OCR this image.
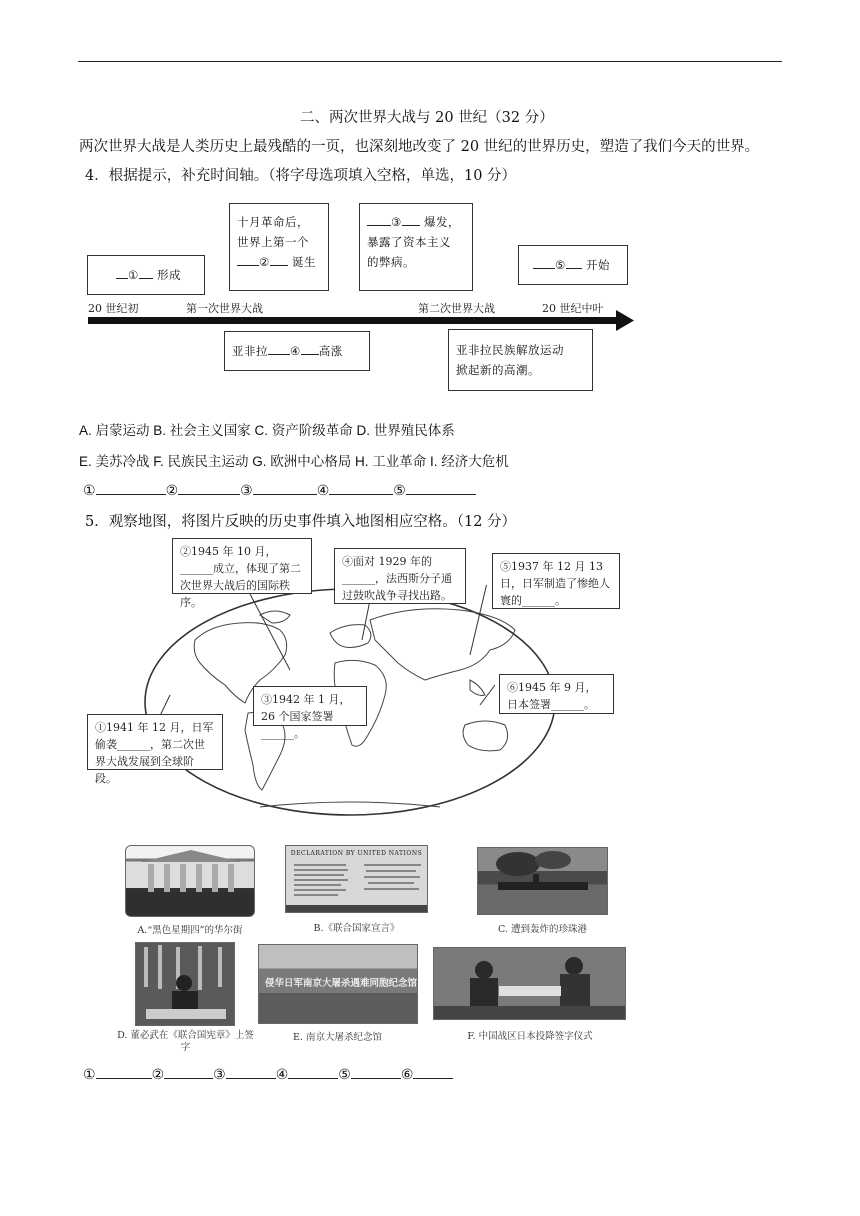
二、两次世界大战与 20 世纪（32 分）
两次世界大战是人类历史上最残酷的一页，也深刻地改变了 20 世纪的世界历史，塑造了我们今天的世界。
4．根据提示，补充时间轴。（将字母选项填入空格，单选，10 分）
① 形成
十月革命后，
世界上第一个
② 诞生
③ 爆发，
暴露了资本主义
的弊病。	⑤ 开始
20 世纪初	第一次世界大战	第二次世界大战	20 世纪中叶
亚非拉 ④ 高涨	亚非拉民族解放运动
掀起新的高潮。
A. 启蒙运动 B. 社会主义国家 C. 资产阶级革命 D. 世界殖民体系
E. 美苏冷战 F. 民族民主运动 G. 欧洲中心格局 H. 工业革命 I. 经济大危机
①	②	③	④	⑤
5．观察地图，将图片反映的历史事件填入地图相应空格。（12 分）
②1945 年 10 月，______成立，体现了第二次世界大战后的国际秩序。
④面对 1929 年的______，法西斯分子通过鼓吹战争寻找出路。
⑤1937 年 12 月 13 日，日军制造了惨绝人寰的______。
③1942 年 1 月，26 个国家签署______。
⑥1945 年 9 月，日本签署______。
①1941 年 12 月，日军偷袭______，第二次世界大战发展到全球阶段。
A.“黑色星期四”的华尔街
DECLARATION BY UNITED NATIONS
B.《联合国家宣言》	C. 遭到轰炸的珍珠港
D. 董必武在《联合国宪章》上签字
侵华日军南京大屠杀遇难同胞纪念馆
E. 南京大屠杀纪念馆	F. 中国战区日本投降签字仪式
①	②	③	④	⑤	⑥
